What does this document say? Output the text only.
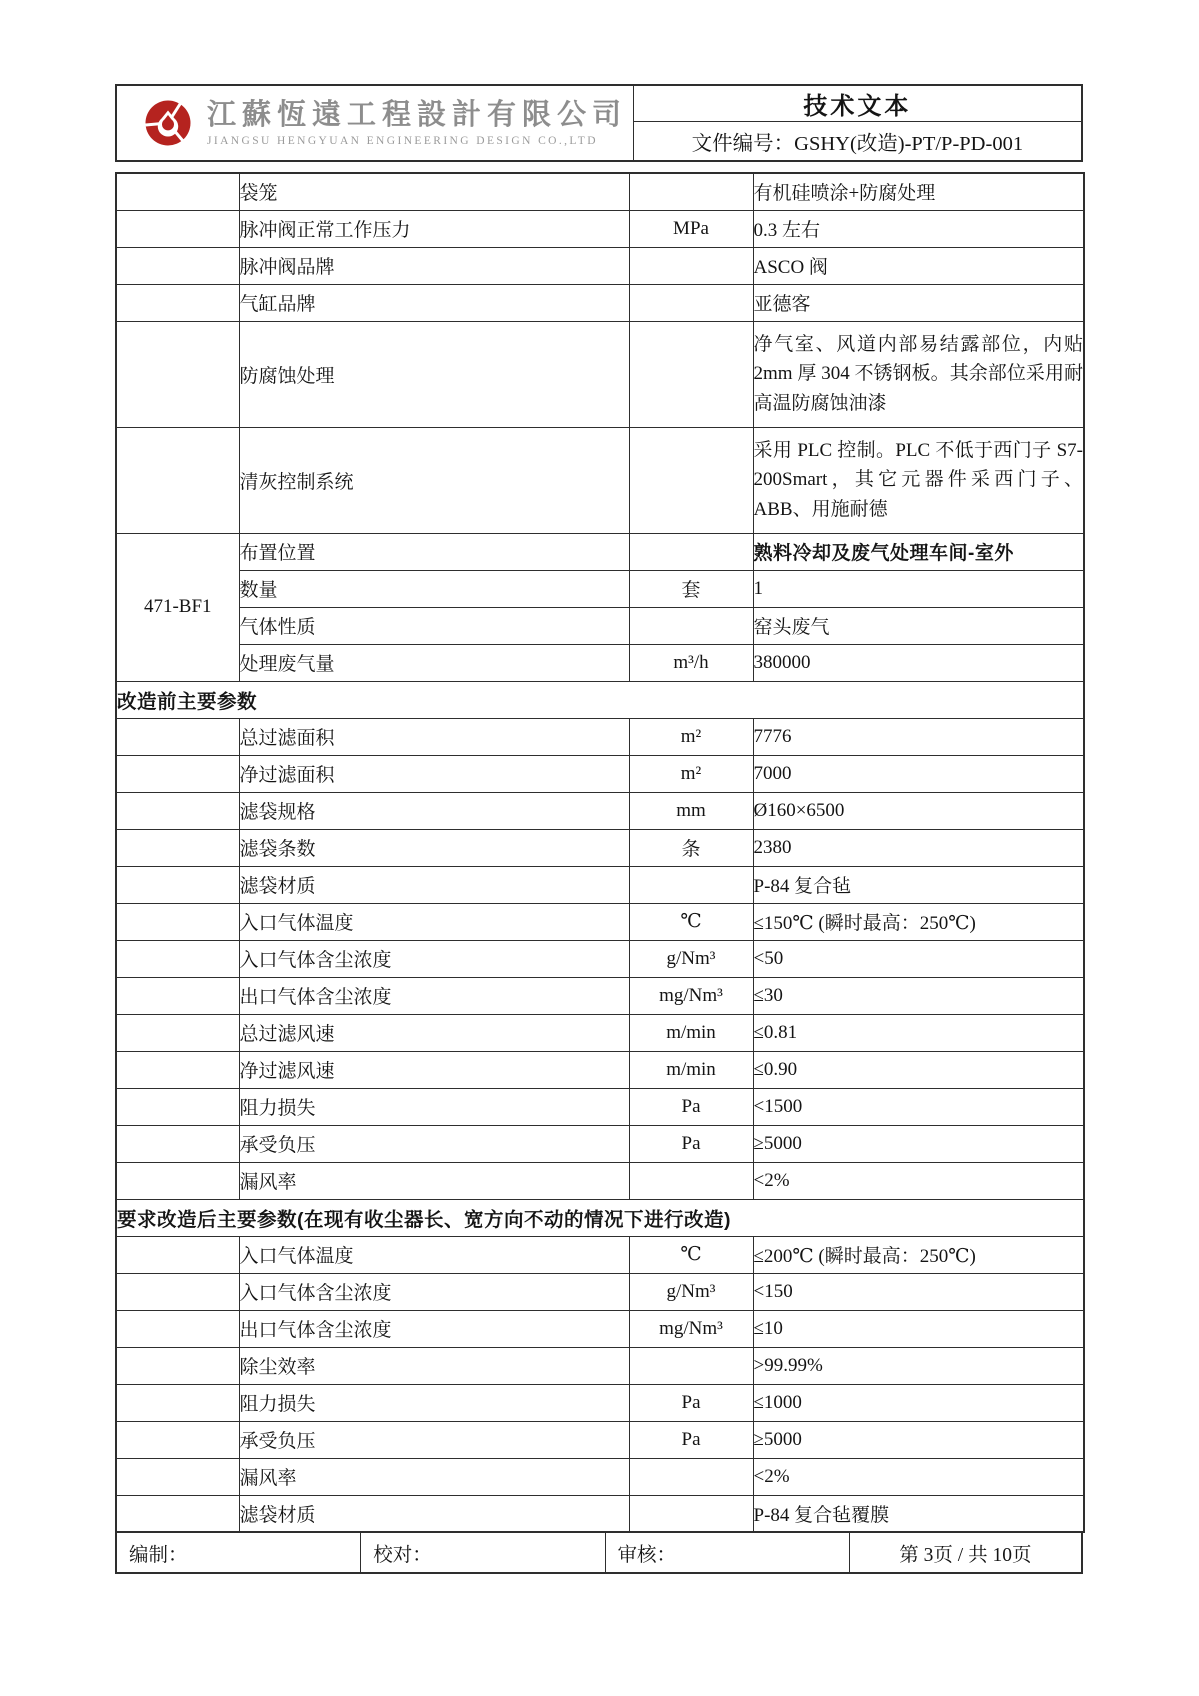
江蘇恆遠工程設計有限公司
JIANGSU HENGYUAN ENGINEERING DESIGN CO.,LTD
技术文本
文件编号： GSHY(改造)-PT/P-PD-001
	袋笼		有机硅喷涂+防腐处理
	脉冲阀正常工作压力	MPa	0.3 左右
	脉冲阀品牌		ASCO 阀
	气缸品牌		亚德客
	防腐蚀处理		净气室、风道内部易结露部位，内贴 2mm 厚 304 不锈钢板。其余部位采用耐高温防腐蚀油漆
	清灰控制系统		采用 PLC 控制。PLC 不低于西门子 S7-200Smart，其它元器件采西门子、ABB、用施耐德
471-BF1	布置位置		熟料冷却及废气处理车间-室外
	数量	套	1
	气体性质		窑头废气
	处理废气量	m³/h	380000
改造前主要参数			
	总过滤面积	m²	7776
	净过滤面积	m²	7000
	滤袋规格	mm	Ø160×6500
	滤袋条数	条	2380
	滤袋材质		P-84 复合毡
	入口气体温度	℃	≤150℃ (瞬时最高：250℃)
	入口气体含尘浓度	g/Nm³	<50
	出口气体含尘浓度	mg/Nm³	≤30
	总过滤风速	m/min	≤0.81
	净过滤风速	m/min	≤0.90
	阻力损失	Pa	<1500
	承受负压	Pa	≥5000
	漏风率		<2%
要求改造后主要参数(在现有收尘器长、宽方向不动的情况下进行改造)			
	入口气体温度	℃	≤200℃ (瞬时最高：250℃)
	入口气体含尘浓度	g/Nm³	<150
	出口气体含尘浓度	mg/Nm³	≤10
	除尘效率		>99.99%
	阻力损失	Pa	≤1000
	承受负压	Pa	≥5000
	漏风率		<2%
	滤袋材质		P-84 复合毡覆膜
编制：	校对：	审核：	第 3页 / 共 10页
